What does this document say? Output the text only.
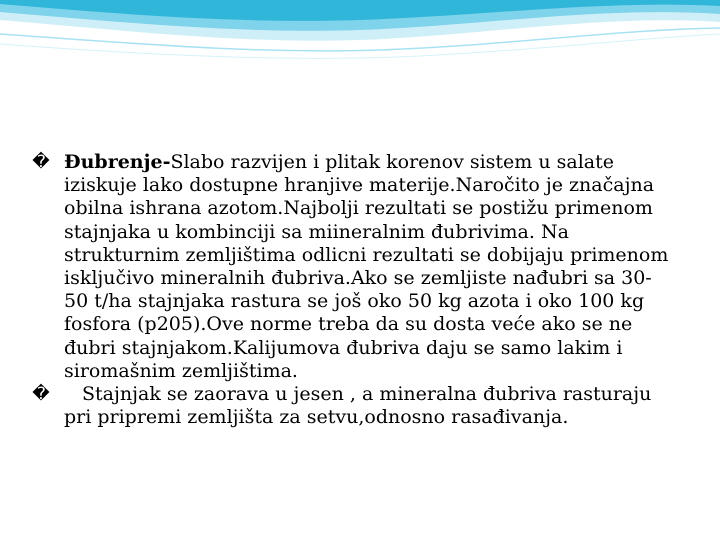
� Đubrenje-Slabo razvijen i plitak korenov sistem u salate iziskuje lako dostupne hranjive materije.Naročito je značajna obilna ishrana azotom.Najbolji rezultati se postižu primenom stajnjaka u kombinciji sa miineralnim đubrivima. Na strukturnim zemljištima odlicni rezultati se dobijaju primenom isključivo mineralnih đubriva.Ako se zemljiste nađubri sa 30-50 t/ha stajnjaka rastura se još oko 50 kg azota i oko 100 kg fosfora (p205).Ove norme treba da su dosta veće ako se ne đubri stajnjakom.Kalijumova đubriva daju se samo lakim i siromašnim zemljištima.

� Stajnjak se zaorava u jesen , a mineralna đubriva rasturaju pri pripremi zemljišta za setvu,odnosno rasađivanja.
